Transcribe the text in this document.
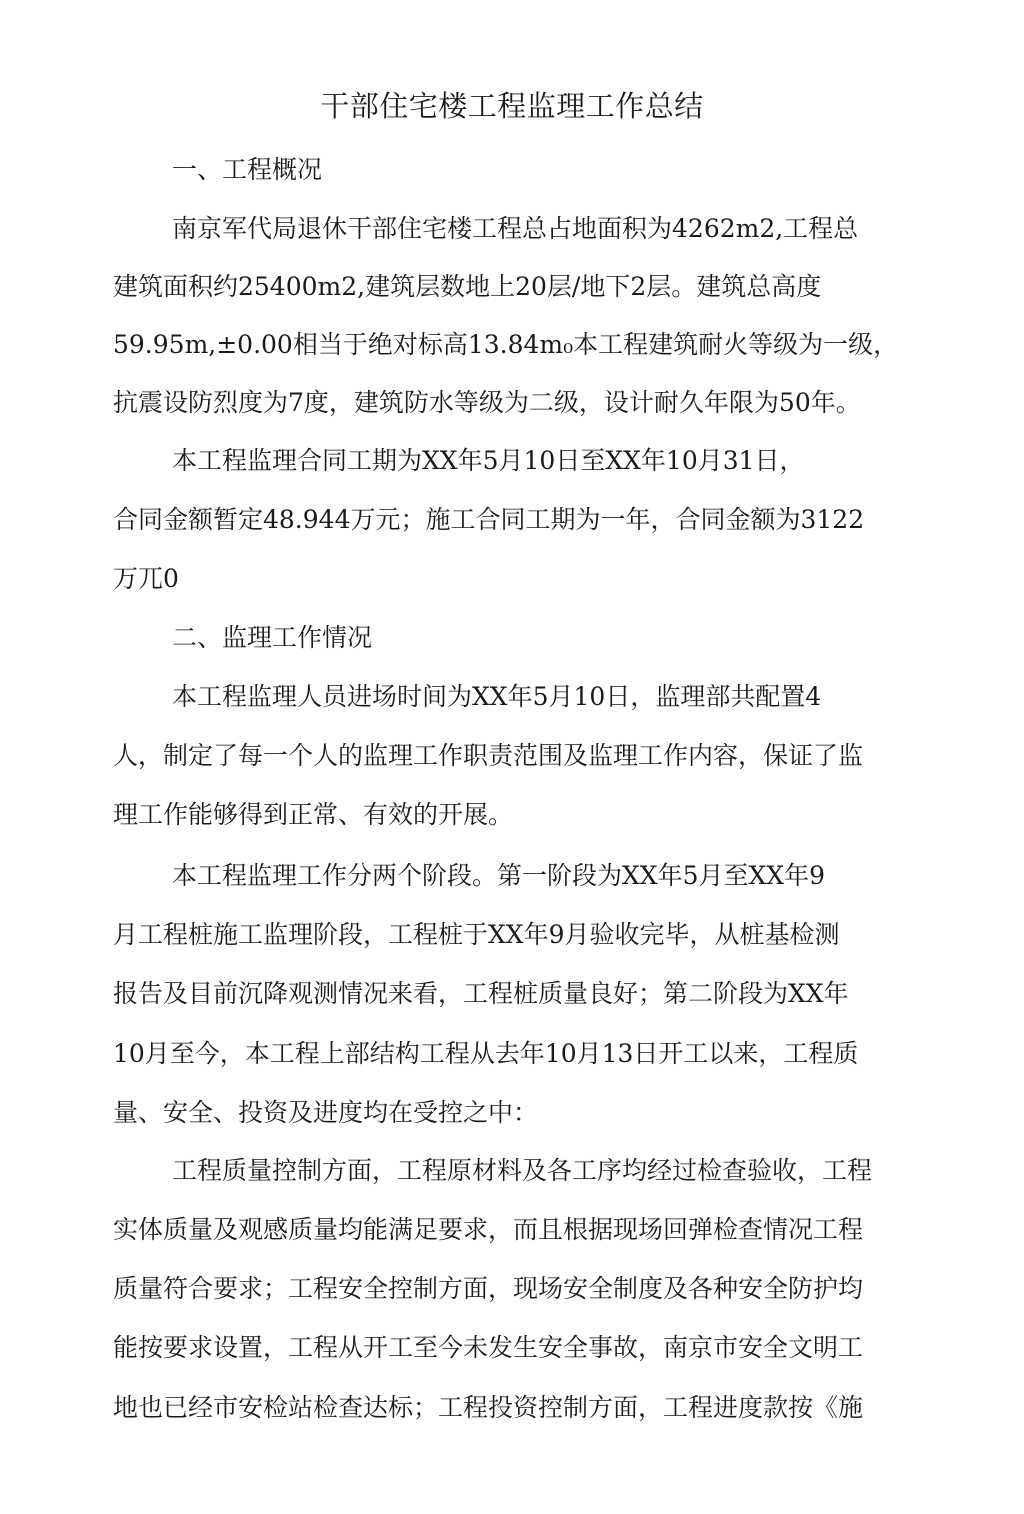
干部住宅楼工程监理工作总结
一、工程概况
南京军代局退休干部住宅楼工程总占地面积为4262m2,工程总
建筑面积约25400m2,建筑层数地上20层/地下2层。建筑总高度
59.95m,±0.00相当于绝对标高13.84m₀本工程建筑耐火等级为一级，
抗震设防烈度为7度，建筑防水等级为二级，设计耐久年限为50年。
本工程监理合同工期为XX年5月10日至XX年10月31日，
合同金额暂定48.944万元；施工合同工期为一年，合同金额为3122
万兀0
二、监理工作情况
本工程监理人员进场时间为XX年5月10日，监理部共配置4
人，制定了每一个人的监理工作职责范围及监理工作内容，保证了监
理工作能够得到正常、有效的开展。
本工程监理工作分两个阶段。第一阶段为XX年5月至XX年9
月工程桩施工监理阶段，工程桩于XX年9月验收完毕，从桩基检测
报告及目前沉降观测情况来看，工程桩质量良好；第二阶段为XX年
10月至今，本工程上部结构工程从去年10月13日开工以来，工程质
量、安全、投资及进度均在受控之中：
工程质量控制方面，工程原材料及各工序均经过检查验收，工程
实体质量及观感质量均能满足要求，而且根据现场回弹检查情况工程
质量符合要求；工程安全控制方面，现场安全制度及各种安全防护均
能按要求设置，工程从开工至今未发生安全事故，南京市安全文明工
地也已经市安检站检查达标；工程投资控制方面，工程进度款按《施
